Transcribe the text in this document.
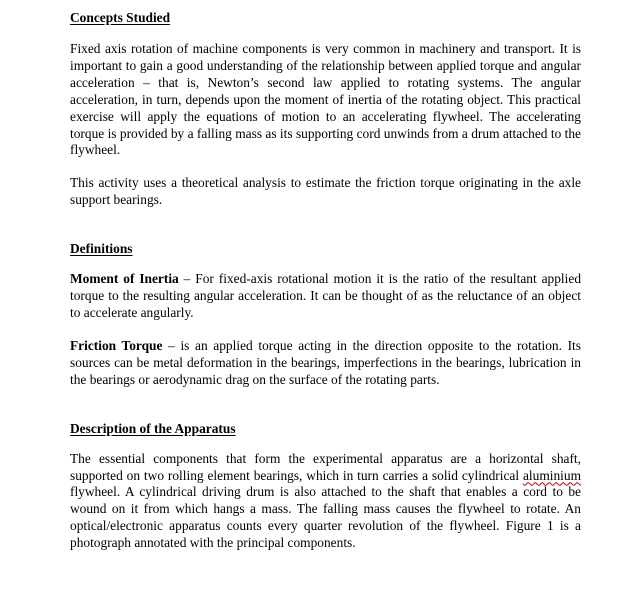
Concepts Studied

Fixed axis rotation of machine components is very common in machinery and transport. It is important to gain a good understanding of the relationship between applied torque and angular acceleration – that is, Newton’s second law applied to rotating systems. The angular acceleration, in turn, depends upon the moment of inertia of the rotating object. This practical exercise will apply the equations of motion to an accelerating flywheel. The accelerating torque is provided by a falling mass as its supporting cord unwinds from a drum attached to the flywheel.

This activity uses a theoretical analysis to estimate the friction torque originating in the axle support bearings.

Definitions

Moment of Inertia – For fixed-axis rotational motion it is the ratio of the resultant applied torque to the resulting angular acceleration. It can be thought of as the reluctance of an object to accelerate angularly.

Friction Torque – is an applied torque acting in the direction opposite to the rotation. Its sources can be metal deformation in the bearings, imperfections in the bearings, lubrication in the bearings or aerodynamic drag on the surface of the rotating parts.

Description of the Apparatus

The essential components that form the experimental apparatus are a horizontal shaft, supported on two rolling element bearings, which in turn carries a solid cylindrical aluminium flywheel. A cylindrical driving drum is also attached to the shaft that enables a cord to be wound on it from which hangs a mass. The falling mass causes the flywheel to rotate. An optical/electronic apparatus counts every quarter revolution of the flywheel. Figure 1 is a photograph annotated with the principal components.
